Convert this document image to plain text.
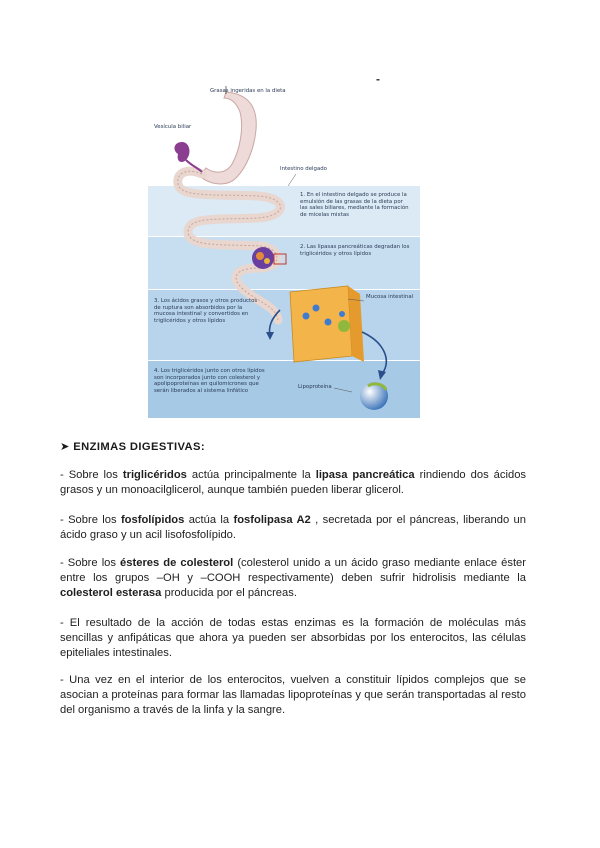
-
Grasas ingeridas en la dieta
Vesícula biliar
Intestino delgado
1. En el intestino delgado se produce la emulsión de las grasas de la dieta por las sales biliares, mediante la formación de micelas mixtas
2. Las lipasas pancreáticas degradan los triglicéridos y otros lípidos
3. Los ácidos grasos y otros productos de ruptura son absorbidos por la mucosa intestinal y convertidos en triglicéridos y otros lípidos
Mucosa intestinal
4. Los triglicéridos junto con otros lípidos son incorporados junto con colesterol y apolipoproteínas en quilomicrones que serán liberados al sistema linfático
Lipoproteína
➤ ENZIMAS DIGESTIVAS:
- Sobre los triglicéridos actúa principalmente la lipasa pancreática rindiendo dos ácidos grasos y un monoacilglicerol, aunque también pueden liberar glicerol.
- Sobre los fosfolípidos actúa la fosfolipasa A2 , secretada por el páncreas, liberando un ácido graso y un acil lisofosfolípido.
- Sobre los ésteres de colesterol (colesterol unido a un ácido graso mediante enlace éster entre los grupos –OH y –COOH respectivamente) deben sufrir hidrolisis mediante la colesterol esterasa producida por el páncreas.
- El resultado de la acción de todas estas enzimas es la formación de moléculas más sencillas y anfipáticas que ahora ya pueden ser absorbidas por los enterocitos, las células epiteliales intestinales.
- Una vez en el interior de los enterocitos, vuelven a constituir lípidos complejos que se asocian a proteínas para formar las llamadas lipoproteínas y que serán transportadas al resto del organismo a través de la linfa y la sangre.
